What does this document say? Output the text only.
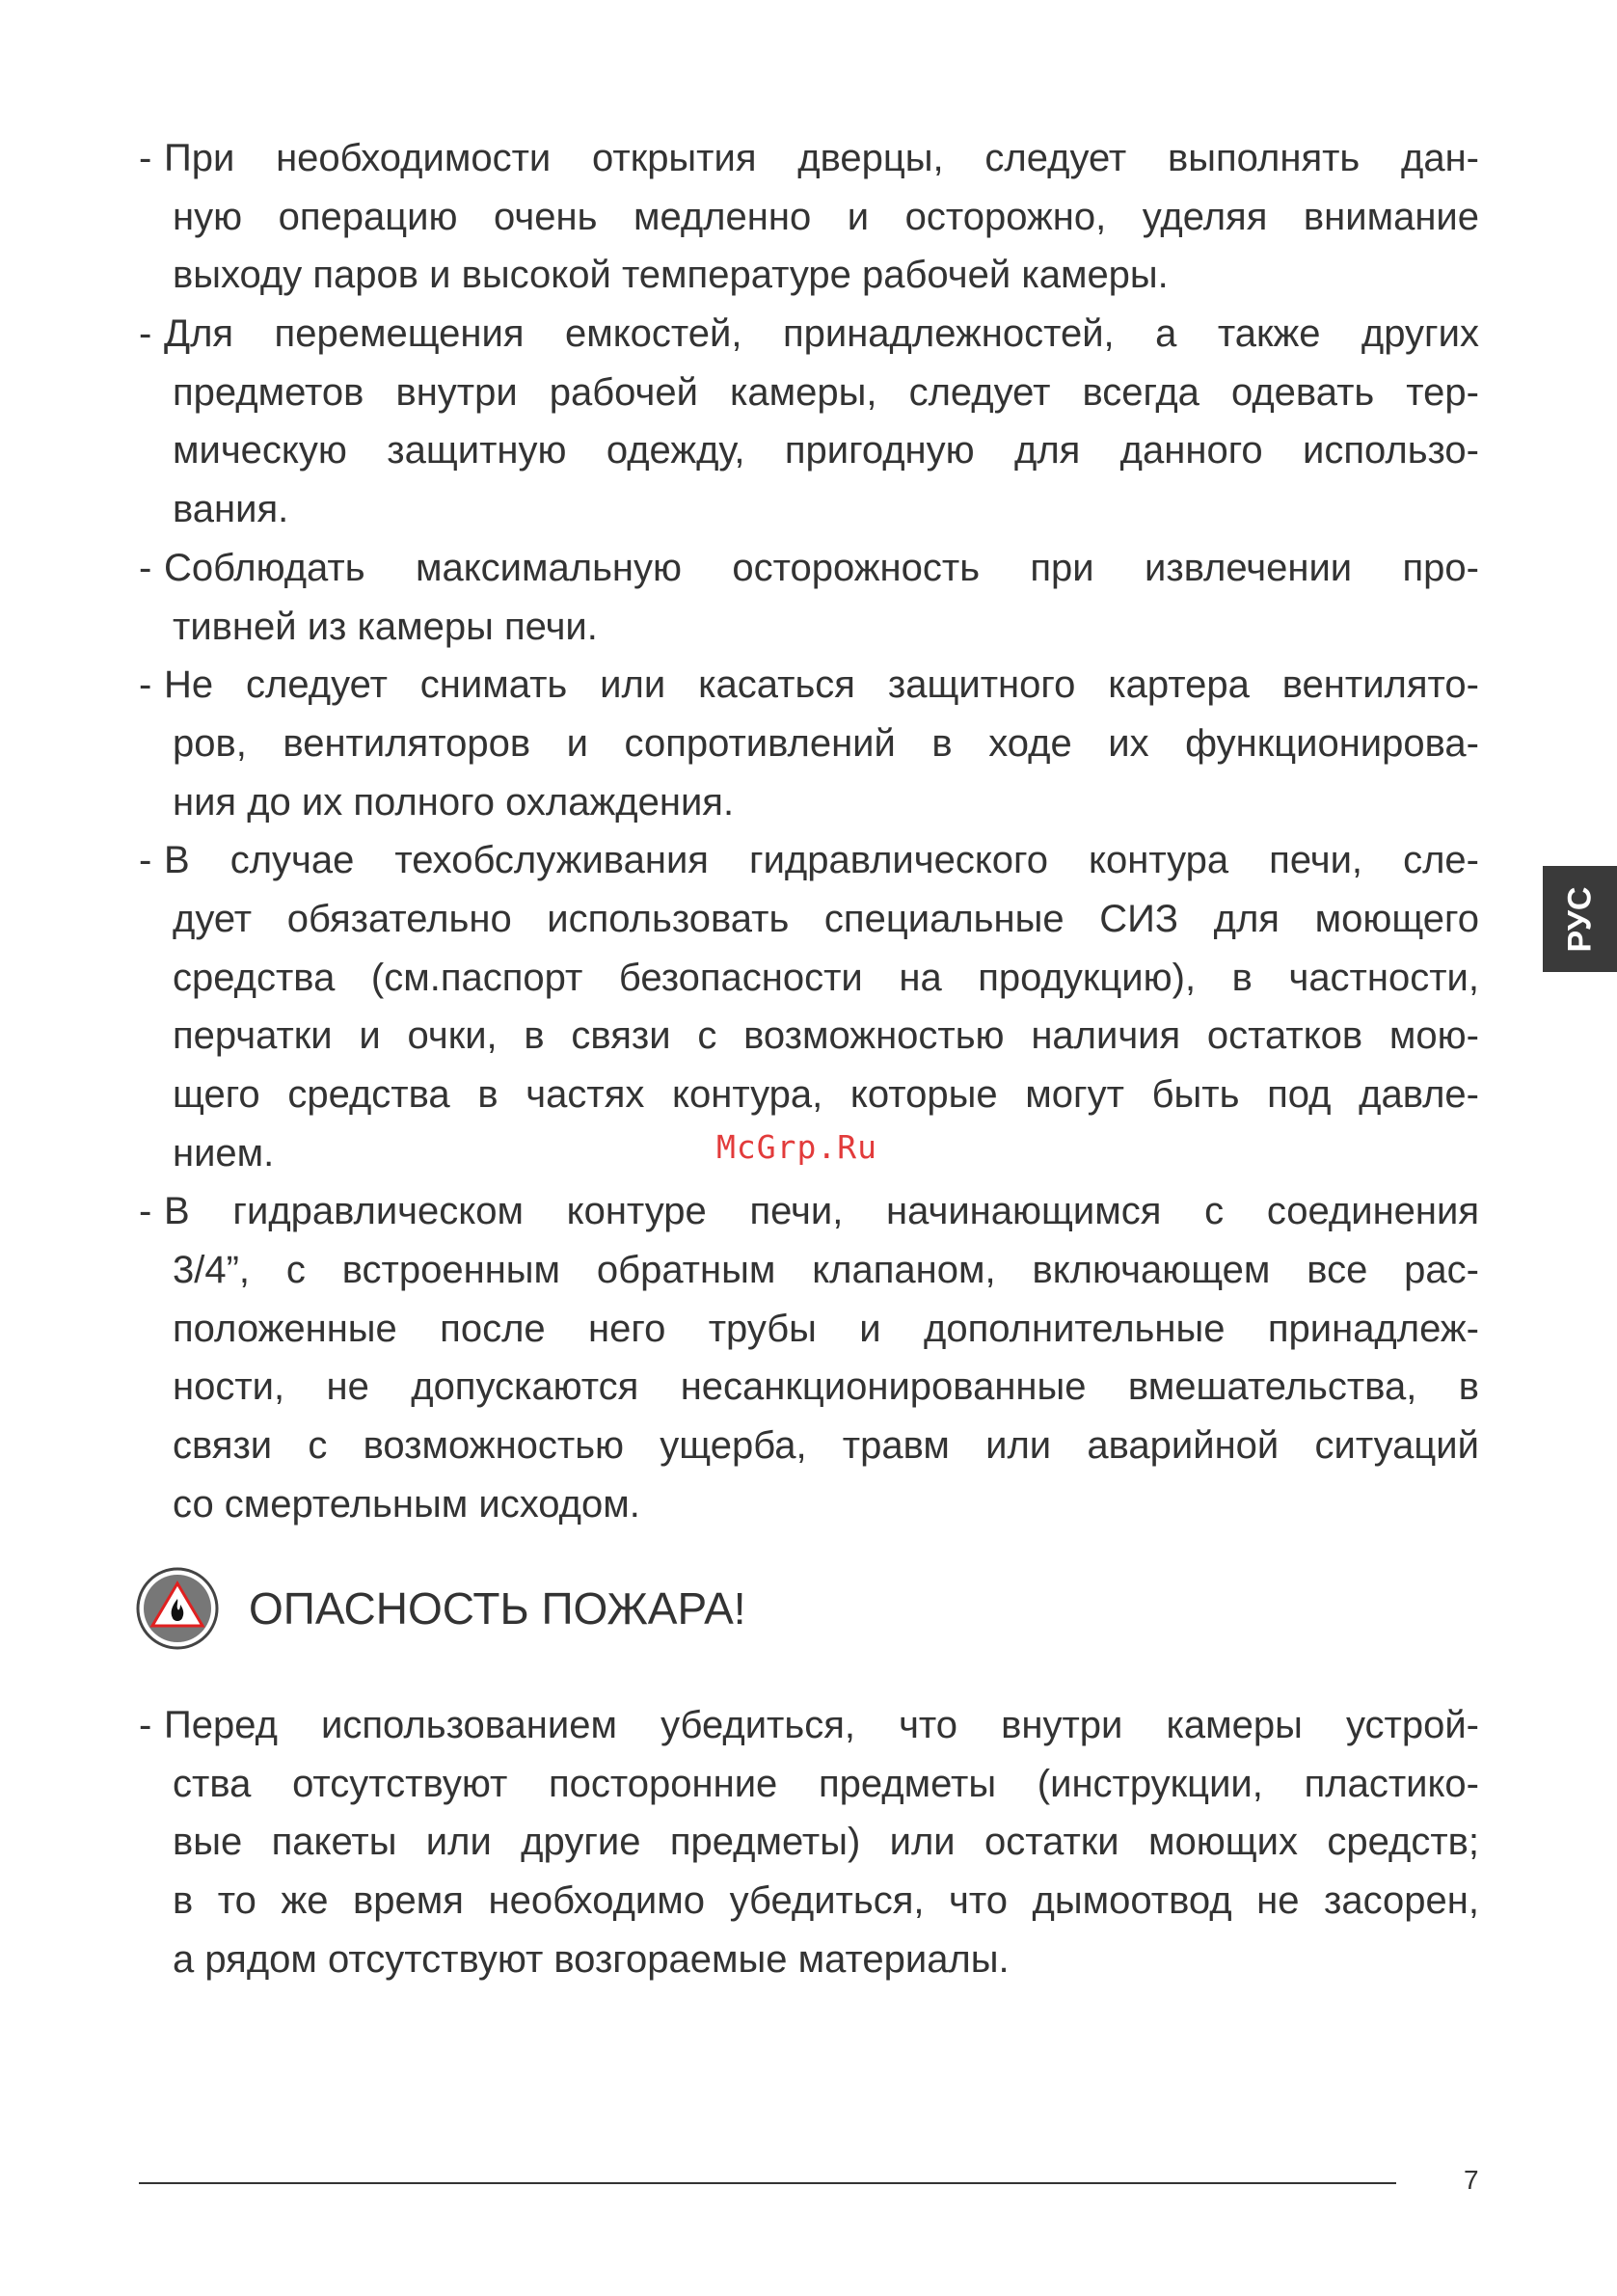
- При необходимости открытия дверцы, следует выполнять дан-
ную операцию очень медленно и осторожно, уделяя внимание
выходу паров и высокой температуре рабочей камеры.
- Для перемещения емкостей, принадлежностей, а также других
предметов внутри рабочей камеры, следует всегда одевать тер-
мическую защитную одежду, пригодную для данного использо-
вания.
- Соблюдать максимальную осторожность при извлечении про-
тивней из камеры печи.
- Не следует снимать или касаться защитного картера вентилято-
ров, вентиляторов и сопротивлений в ходе их функционирова-
ния до их полного охлаждения.
- В случае техобслуживания гидравлического контура печи, сле-
дует обязательно использовать специальные СИЗ для моющего
средства (см.паспорт безопасности на продукцию), в частности,
перчатки и очки, в связи с возможностью наличия остатков мою-
щего средства в частях контура, которые могут быть под давле-
нием.
- В гидравлическом контуре печи, начинающимся с соединения
3/4”, с встроенным обратным клапаном, включающем все рас-
положенные после него трубы и дополнительные принадлеж-
ности, не допускаются несанкционированные вмешательства, в
связи с возможностью ущерба, травм или аварийной ситуаций
со смертельным исходом.
ОПАСНОСТЬ ПОЖАРА!
- Перед использованием убедиться, что внутри камеры устрой-
ства отсутствуют посторонние предметы (инструкции, пластико-
вые пакеты или другие предметы) или остатки моющих средств;
в то же время необходимо убедиться, что дымоотвод не засорен,
а рядом отсутствуют возгораемые материалы.
РУС
McGrp.Ru
7
